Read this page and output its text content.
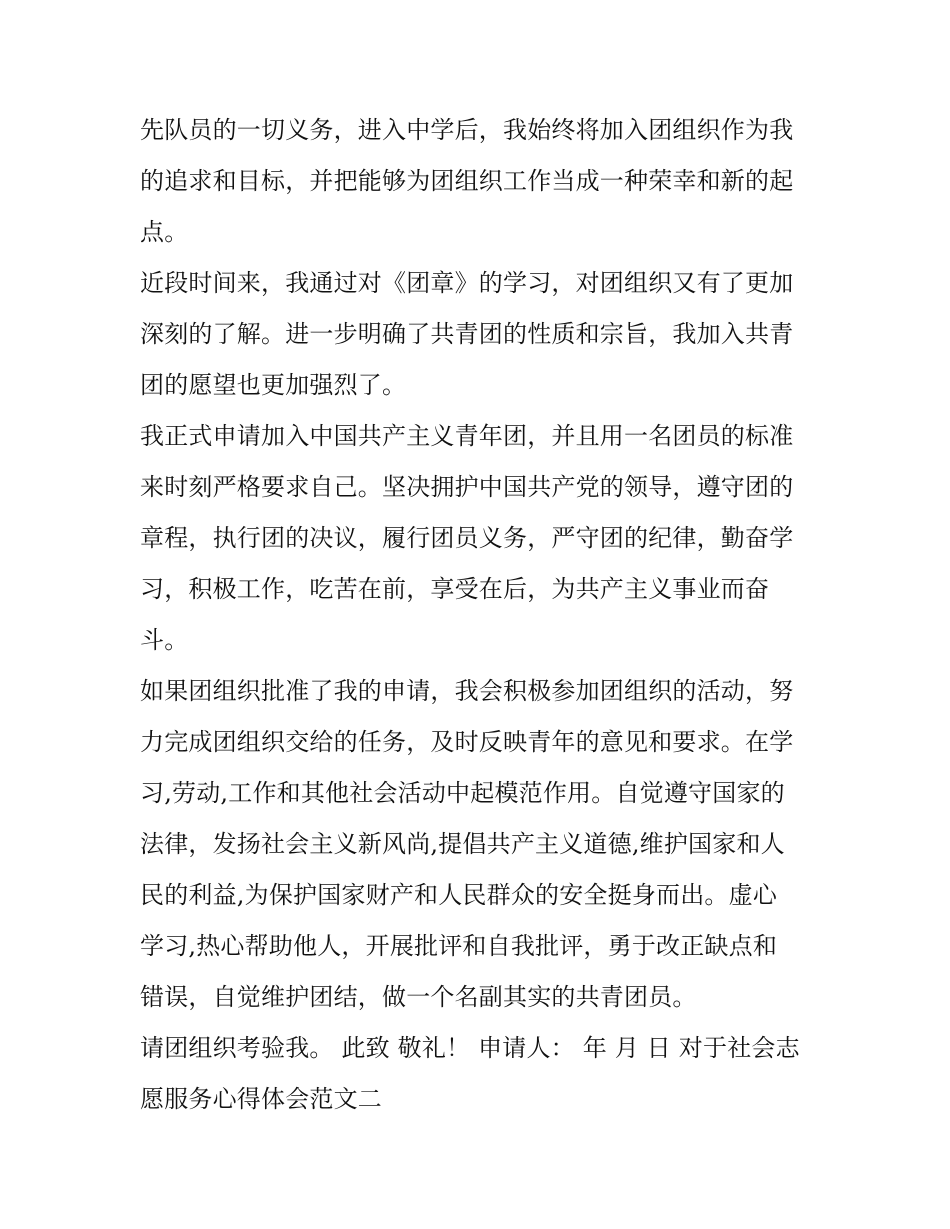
先队员的一切义务，进入中学后，我始终将加入团组织作为我
的追求和目标，并把能够为团组织工作当成一种荣幸和新的起
点。
近段时间来，我通过对《团章》的学习，对团组织又有了更加
深刻的了解。进一步明确了共青团的性质和宗旨，我加入共青
团的愿望也更加强烈了。
我正式申请加入中国共产主义青年团，并且用一名团员的标准
来时刻严格要求自己。坚决拥护中国共产党的领导，遵守团的
章程，执行团的决议，履行团员义务，严守团的纪律，勤奋学
习，积极工作，吃苦在前，享受在后，为共产主义事业而奋
斗。
如果团组织批准了我的申请，我会积极参加团组织的活动，努
力完成团组织交给的任务，及时反映青年的意见和要求。在学
习,劳动,工作和其他社会活动中起模范作用。自觉遵守国家的
法律，发扬社会主义新风尚,提倡共产主义道德,维护国家和人
民的利益,为保护国家财产和人民群众的安全挺身而出。虚心
学习,热心帮助他人，开展批评和自我批评，勇于改正缺点和
错误，自觉维护团结，做一个名副其实的共青团员。
请团组织考验我。 此致 敬礼！ 申请人： 年 月 日 对于社会志
愿服务心得体会范文二
